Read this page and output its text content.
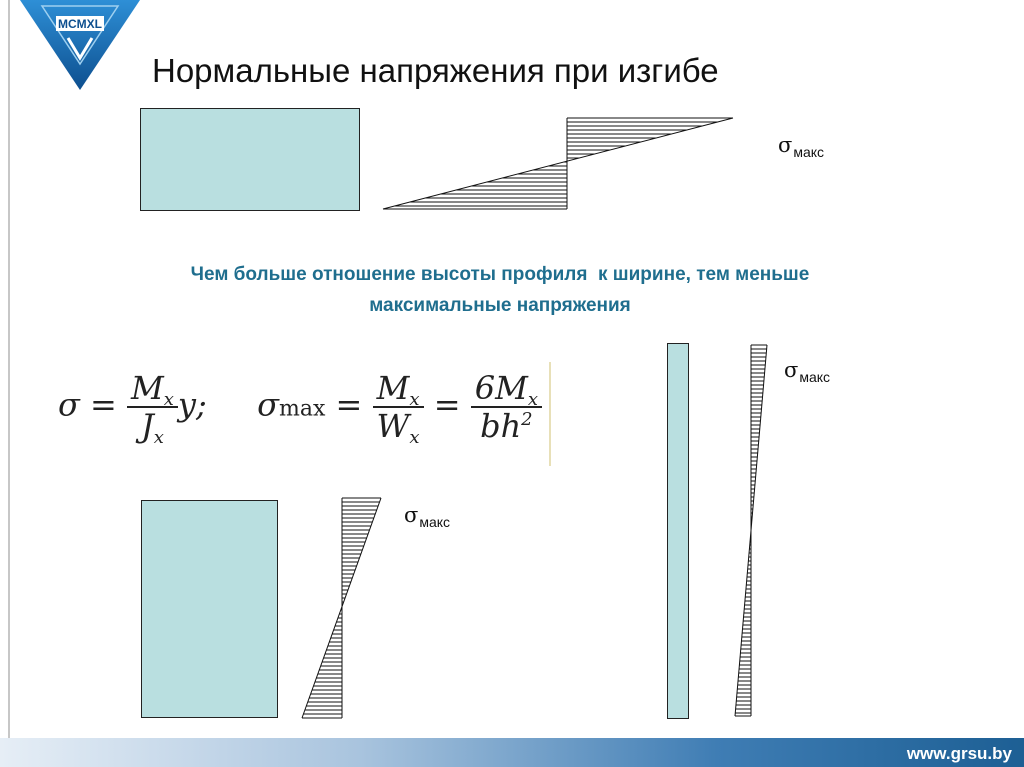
MCMXL
Нормальные напряжения при изгибе
$\sigma_{макс}$
$\sigma_{макс}$
$\sigma_{макс}$
Чем больше отношение высоты профиля  к ширине, тем меньше
максимальные напряжения
$\sigma = \frac{Mx}{Jx} y$; $\sigma\max = \frac{Mx}{Wx} = \frac{6Mx}{bh^2}$
www.grsu.by
